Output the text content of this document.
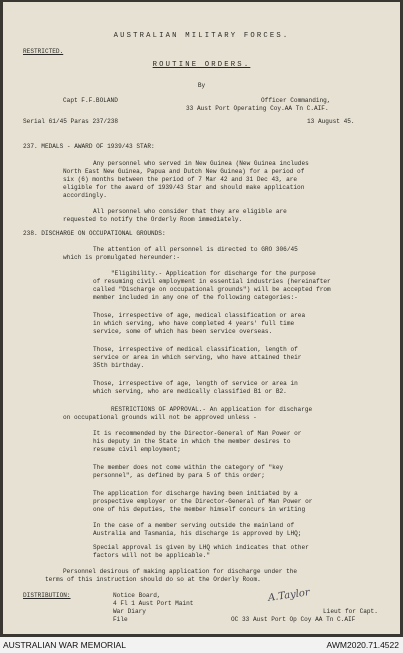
AUSTRALIAN MILITARY FORCES.
RESTRICTED.
ROUTINE ORDERS.
By
Capt F.F.BOLAND	Officer Commanding,
33 Aust Port Operating Coy.AA Tn C.AIF.
Serial 61/45 Paras 237/238	13 August 45.
237. MEDALS - AWARD OF 1939/43 STAR:
Any personnel who served in New Guinea (New Guinea includes
North East New Guinea, Papua and Dutch New Guinea) for a period of
six (6) months between the period of 7 Mar 42 and 31 Dec 43, are
eligible for the award of 1939/43 Star and should make application
accordingly.
All personnel who consider that they are eligible are
requested to notify the Orderly Room immediately.
238. DISCHARGE ON OCCUPATIONAL GROUNDS:
The attention of all personnel is directed to GRO 306/45
which is promulgated hereunder:-
"Eligibility.- Application for discharge for the purpose
of resuming civil employment in essential industries (hereinafter
called "Discharge on occupational grounds") will be accepted from
member included in any one of the following categories:-
Those, irrespective of age, medical classification or area
in which serving, who have completed 4 years' full time
service, some of which has been service overseas.
Those, irrespective of medical classification, length of
service or area in which serving, who have attained their
35th birthday.
Those, irrespective of age, length of service or area in
which serving, who are medically classified B1 or B2.
RESTRICTIONS OF APPROVAL.- An application for discharge
on occupational grounds will not be approved unless -
It is recommended by the Director-General of Man Power or
his deputy in the State in which the member desires to
resume civil employment;
The member does not come within the category of "key
personnel", as defined by para 5 of this order;
The application for discharge having been initiated by a
prospective employer or the Director-General of Man Power or
one of his deputies, the member himself concurs in writing
In the case of a member serving outside the mainland of
Australia and Tasmania, his discharge is approved by LHQ;
Special approval is given by LHQ which indicates that other
factors will not be applicable."
Personnel desirous of making application for discharge under the
terms of this instruction should do so at the Orderly Room.
DISTRIBUTION:	Notice Board,
4 Fl 1 Aust Port Maint
War Diary
File
A.Taylor
Lieut for Capt.
OC 33 Aust Port Op Coy AA Tn C.AIF
AUSTRALIAN WAR MEMORIAL	AWM2020.71.4522
